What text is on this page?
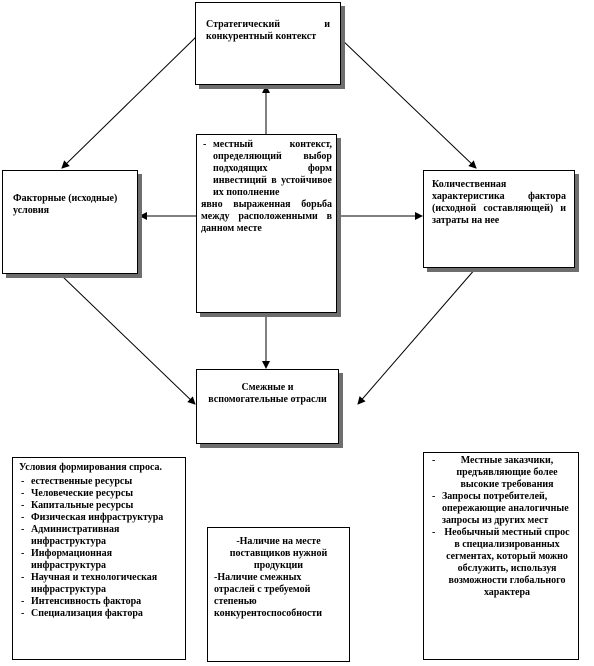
Стратегический и конкурентный контекст
Факторные (исходные) условия
Количественная характеристика фактора (исходной составляющей) и затраты на нее
- местный контекст, определяющий выбор подходящих форм инвестиций в устойчивое их пополнение
- явно выраженная борьба между расположенными в данном месте
Смежные и вспомогательные отрасли
Условия формирования спроса.
- естественные ресурсы
- Человеческие ресурсы
- Капитальные ресурсы
- Физическая инфраструктура
- Административная инфраструктура
- Информационная инфраструктура
- Научная и технологическая инфраструктура
- Интенсивность фактора
- Специализация фактора
-Наличие на месте поставщиков нужной продукции
-Наличие смежных отраслей с требуемой степенью конкурентоспособности
- Местные заказчики, предъявляющие более высокие требования
- Запросы потребителей, опережающие аналогичные запросы из других мест
- Необычный местный спрос в специализированных сегментах, который можно обслужить, используя возможности глобального характера
